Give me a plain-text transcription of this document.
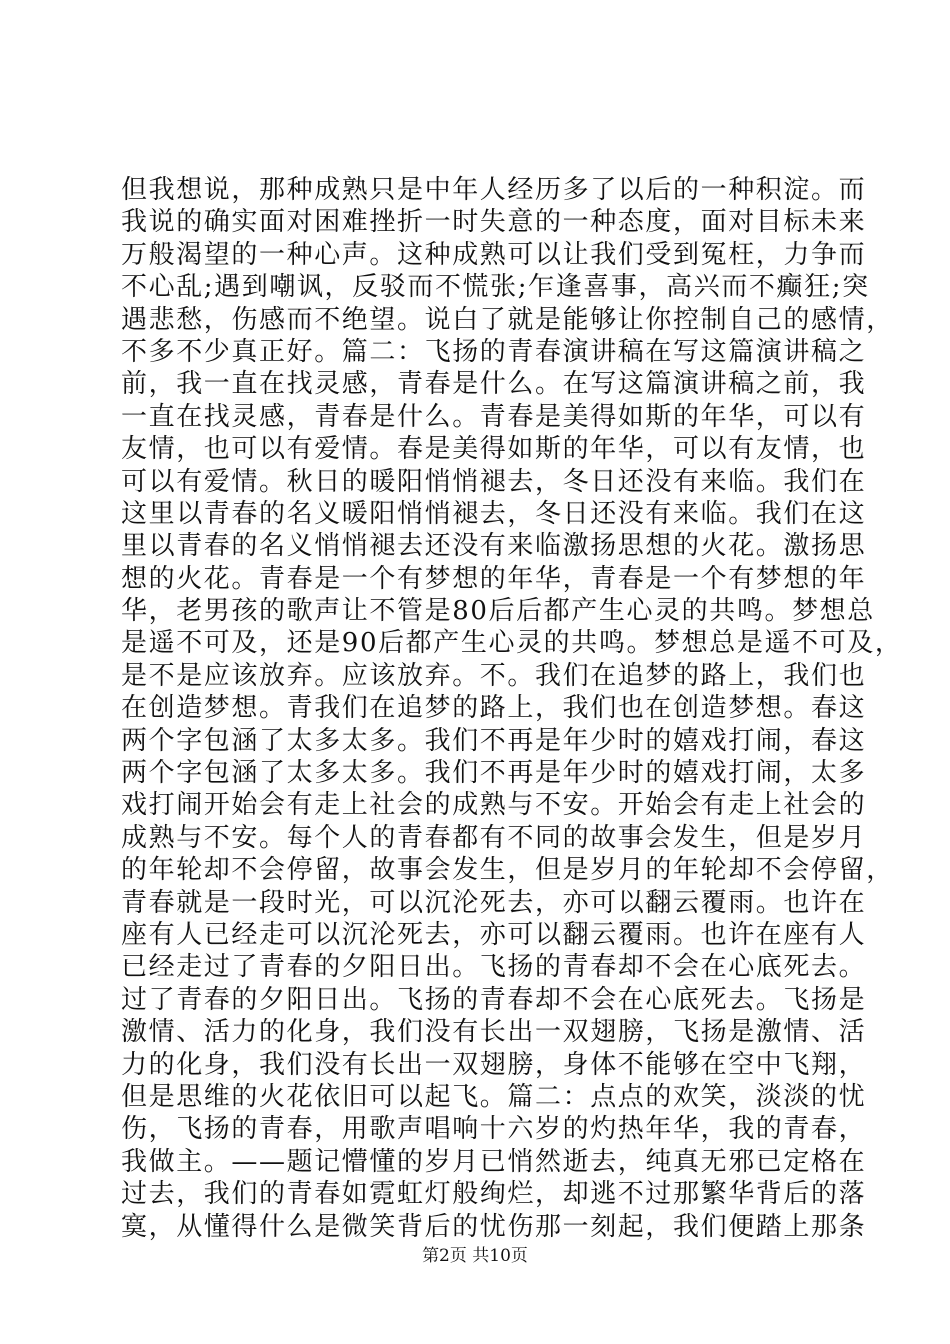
但我想说，那种成熟只是中年人经历多了以后的一种积淀。而
我说的确实面对困难挫折一时失意的一种态度，面对目标未来
万般渴望的一种心声。这种成熟可以让我们受到冤枉，力争而
不心乱;遇到嘲讽，反驳而不慌张;乍逢喜事，高兴而不癫狂;突
遇悲愁，伤感而不绝望。说白了就是能够让你控制自己的感情，
不多不少真正好。篇二：飞扬的青春演讲稿在写这篇演讲稿之
前，我一直在找灵感，青春是什么。在写这篇演讲稿之前，我
一直在找灵感，青春是什么。青春是美得如斯的年华，可以有
友情，也可以有爱情。春是美得如斯的年华，可以有友情，也
可以有爱情。秋日的暖阳悄悄褪去，冬日还没有来临。我们在
这里以青春的名义暖阳悄悄褪去，冬日还没有来临。我们在这
里以青春的名义悄悄褪去还没有来临激扬思想的火花。激扬思
想的火花。青春是一个有梦想的年华，青春是一个有梦想的年
华，老男孩的歌声让不管是80后后都产生心灵的共鸣。梦想总
是遥不可及，还是90后都产生心灵的共鸣。梦想总是遥不可及，
是不是应该放弃。应该放弃。不。我们在追梦的路上，我们也
在创造梦想。青我们在追梦的路上，我们也在创造梦想。春这
两个字包涵了太多太多。我们不再是年少时的嬉戏打闹，春这
两个字包涵了太多太多。我们不再是年少时的嬉戏打闹，太多
戏打闹开始会有走上社会的成熟与不安。开始会有走上社会的
成熟与不安。每个人的青春都有不同的故事会发生，但是岁月
的年轮却不会停留，故事会发生，但是岁月的年轮却不会停留，
青春就是一段时光，可以沉沦死去，亦可以翻云覆雨。也许在
座有人已经走可以沉沦死去，亦可以翻云覆雨。也许在座有人
已经走过了青春的夕阳日出。飞扬的青春却不会在心底死去。
过了青春的夕阳日出。飞扬的青春却不会在心底死去。飞扬是
激情、活力的化身，我们没有长出一双翅膀，飞扬是激情、活
力的化身，我们没有长出一双翅膀，身体不能够在空中飞翔，
但是思维的火花依旧可以起飞。篇二：点点的欢笑，淡淡的忧
伤，飞扬的青春，用歌声唱响十六岁的灼热年华，我的青春，
我做主。——题记懵懂的岁月已悄然逝去，纯真无邪已定格在
过去，我们的青春如霓虹灯般绚烂，却逃不过那繁华背后的落
寞，从懂得什么是微笑背后的忧伤那一刻起，我们便踏上那条
第2页 共10页
